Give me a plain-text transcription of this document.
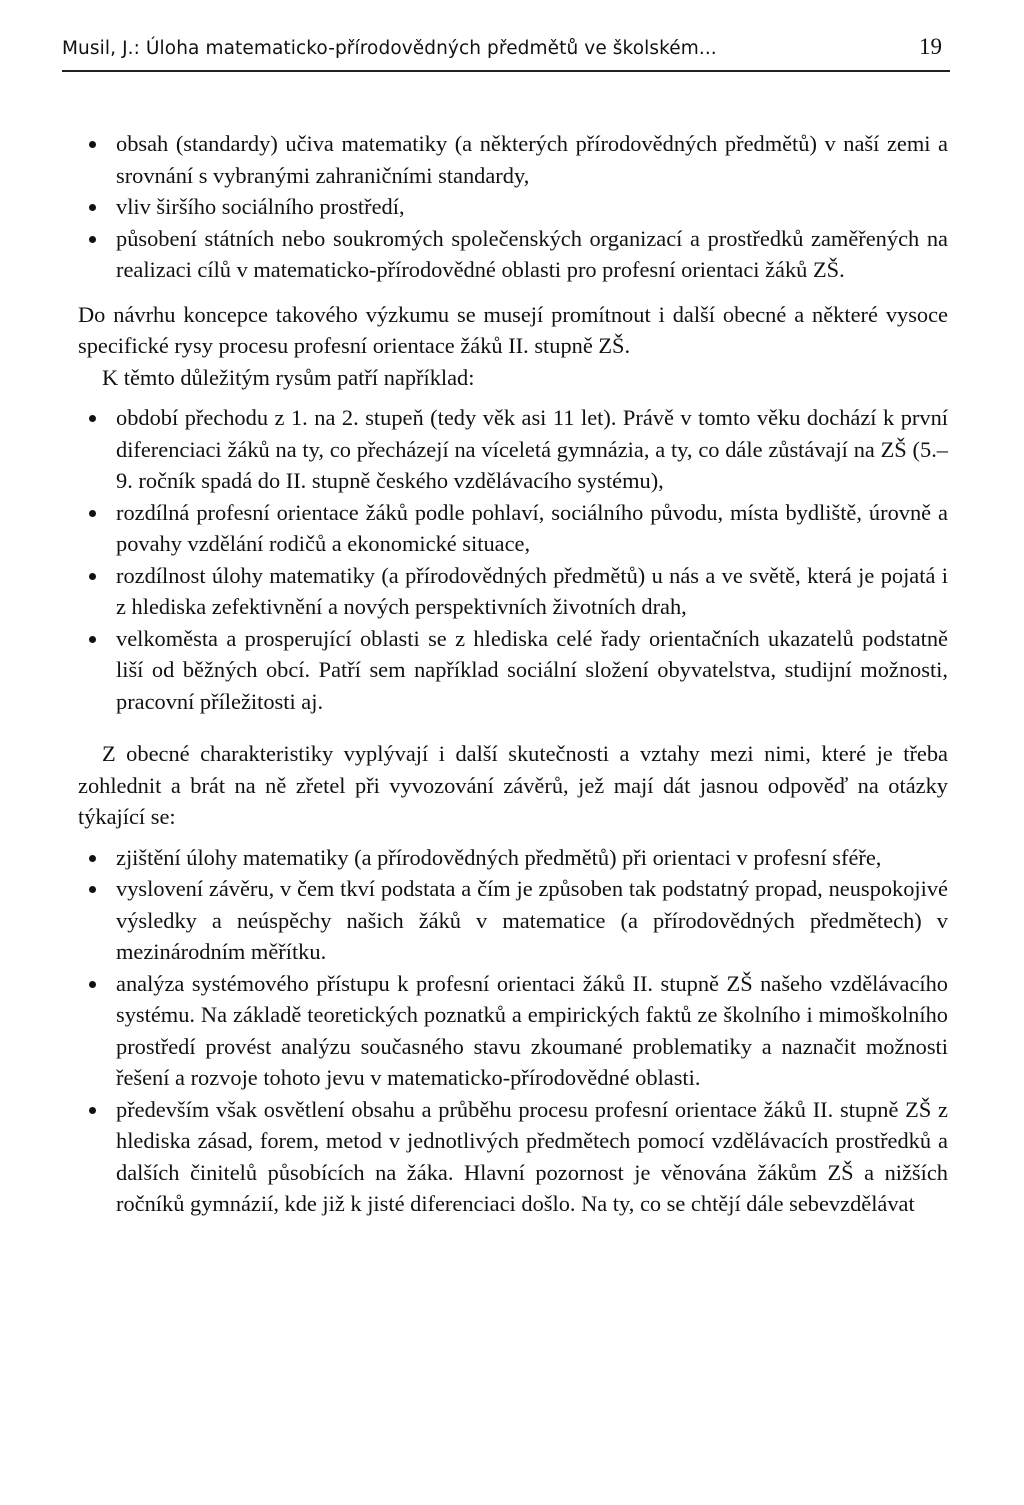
Musil, J.: Úloha matematicko-přírodovědných předmětů ve školském...	19
obsah (standardy) učiva matematiky (a některých přírodovědných předmětů) v naší zemi a srovnání s vybranými zahraničními standardy,
vliv širšího sociálního prostředí,
působení státních nebo soukromých společenských organizací a prostředků zaměřených na realizaci cílů v matematicko-přírodovědné oblasti pro profesní orientaci žáků ZŠ.

Do návrhu koncepce takového výzkumu se musejí promítnout i další obecné a některé vysoce specifické rysy procesu profesní orientace žáků II. stupně ZŠ.

K těmto důležitým rysům patří například:

období přechodu z 1. na 2. stupeň (tedy věk asi 11 let). Právě v tomto věku dochází k první diferenciaci žáků na ty, co přecházejí na víceletá gymnázia, a ty, co dále zůstávají na ZŠ (5.–9. ročník spadá do II. stupně českého vzdělávacího systému),
rozdílná profesní orientace žáků podle pohlaví, sociálního původu, místa bydliště, úrovně a povahy vzdělání rodičů a ekonomické situace,
rozdílnost úlohy matematiky (a přírodovědných předmětů) u nás a ve světě, která je pojatá i z hlediska zefektivnění a nových perspektivních životních drah,
velkoměsta a prosperující oblasti se z hlediska celé řady orientačních ukazatelů podstatně liší od běžných obcí. Patří sem například sociální složení obyvatelstva, studijní možnosti, pracovní příležitosti aj.

Z obecné charakteristiky vyplývají i další skutečnosti a vztahy mezi nimi, které je třeba zohlednit a brát na ně zřetel při vyvozování závěrů, jež mají dát jasnou odpověď na otázky týkající se:

zjištění úlohy matematiky (a přírodovědných předmětů) při orientaci v profesní sféře,
vyslovení závěru, v čem tkví podstata a čím je způsoben tak podstatný propad, neuspokojivé výsledky a neúspěchy našich žáků v matematice (a přírodovědných předmětech) v mezinárodním měřítku.
analýza systémového přístupu k profesní orientaci žáků II. stupně ZŠ našeho vzdělávacího systému. Na základě teoretických poznatků a empirických faktů ze školního i mimoškolního prostředí provést analýzu současného stavu zkoumané problematiky a naznačit možnosti řešení a rozvoje tohoto jevu v matematicko-přírodovědné oblasti.
především však osvětlení obsahu a průběhu procesu profesní orientace žáků II. stupně ZŠ z hlediska zásad, forem, metod v jednotlivých předmětech pomocí vzdělávacích prostředků a dalších činitelů působících na žáka. Hlavní pozornost je věnována žákům ZŠ a nižších ročníků gymnázií, kde již k jisté diferenciaci došlo. Na ty, co se chtějí dále sebevzdělávat
